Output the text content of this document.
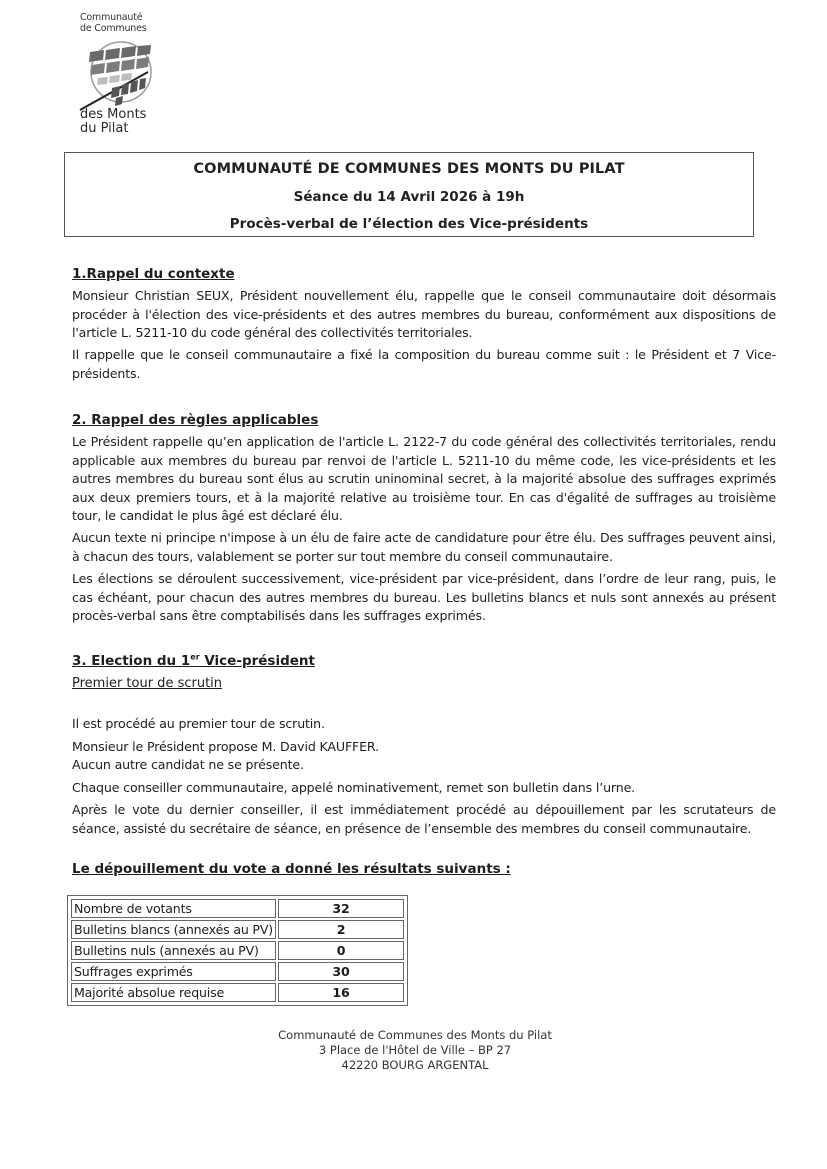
Communauté
de Communes
des Monts
du Pilat
COMMUNAUTÉ DE COMMUNES DES MONTS DU PILAT
Séance du 14 Avril 2026 à 19h
Procès-verbal de l’élection des Vice-présidents
1.Rappel du contexte
Monsieur Christian SEUX, Président nouvellement élu, rappelle que le conseil communautaire doit désormais procéder à l'élection des vice-présidents et des autres membres du bureau, conformément aux dispositions de l'article L. 5211-10 du code général des collectivités territoriales.
Il rappelle que le conseil communautaire a fixé la composition du bureau comme suit : le Président et 7 Vice-présidents.
2. Rappel des règles applicables
Le Président rappelle qu’en application de l'article L. 2122-7 du code général des collectivités territoriales, rendu applicable aux membres du bureau par renvoi de l'article L. 5211-10 du même code, les vice-présidents et les autres membres du bureau sont élus au scrutin uninominal secret, à la majorité absolue des suffrages exprimés aux deux premiers tours, et à la majorité relative au troisième tour. En cas d'égalité de suffrages au troisième tour, le candidat le plus âgé est déclaré élu.
Aucun texte ni principe n'impose à un élu de faire acte de candidature pour être élu. Des suffrages peuvent ainsi, à chacun des tours, valablement se porter sur tout membre du conseil communautaire.
Les élections se déroulent successivement, vice-président par vice-président, dans l’ordre de leur rang, puis, le cas échéant, pour chacun des autres membres du bureau. Les bulletins blancs et nuls sont annexés au présent procès-verbal sans être comptabilisés dans les suffrages exprimés.
3. Election du 1er Vice-président
Premier tour de scrutin
Il est procédé au premier tour de scrutin.
Monsieur le Président propose M. David KAUFFER.
Aucun autre candidat ne se présente.
Chaque conseiller communautaire, appelé nominativement, remet son bulletin dans l’urne.
Après le vote du dernier conseiller, il est immédiatement procédé au dépouillement par les scrutateurs de séance, assisté du secrétaire de séance, en présence de l’ensemble des membres du conseil communautaire.
Le dépouillement du vote a donné les résultats suivants :
Nombre de votants	32
Bulletins blancs (annexés au PV)	2
Bulletins nuls (annexés au PV)	0
Suffrages exprimés	30
Majorité absolue requise	16
Communauté de Communes des Monts du Pilat
3 Place de l'Hôtel de Ville – BP 27
42220 BOURG ARGENTAL
